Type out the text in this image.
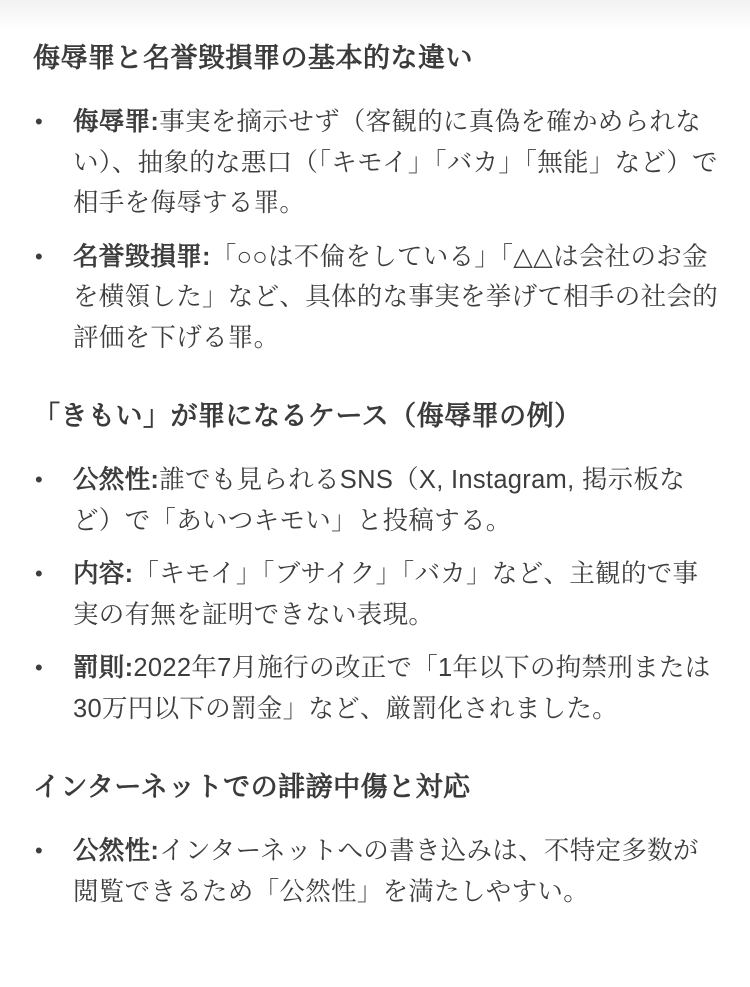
侮辱罪と名誉毀損罪の基本的な違い
• 侮辱罪:事実を摘示せず（客観的に真偽を確かめられない）、抽象的な悪口（「キモイ」「バカ」「無能」など）で相手を侮辱する罪。
• 名誉毀損罪:「○○は不倫をしている」「△△は会社のお金を横領した」など、具体的な事実を挙げて相手の社会的評価を下げる罪。
「きもい」が罪になるケース（侮辱罪の例）
• 公然性:誰でも見られるSNS（X, Instagram, 掲示板など）で「あいつキモい」と投稿する。
• 内容:「キモイ」「ブサイク」「バカ」など、主観的で事実の有無を証明できない表現。
• 罰則:2022年7月施行の改正で「1年以下の拘禁刑または30万円以下の罰金」など、厳罰化されました。
インターネットでの誹謗中傷と対応
• 公然性:インターネットへの書き込みは、不特定多数が閲覧できるため「公然性」を満たしやすい。
